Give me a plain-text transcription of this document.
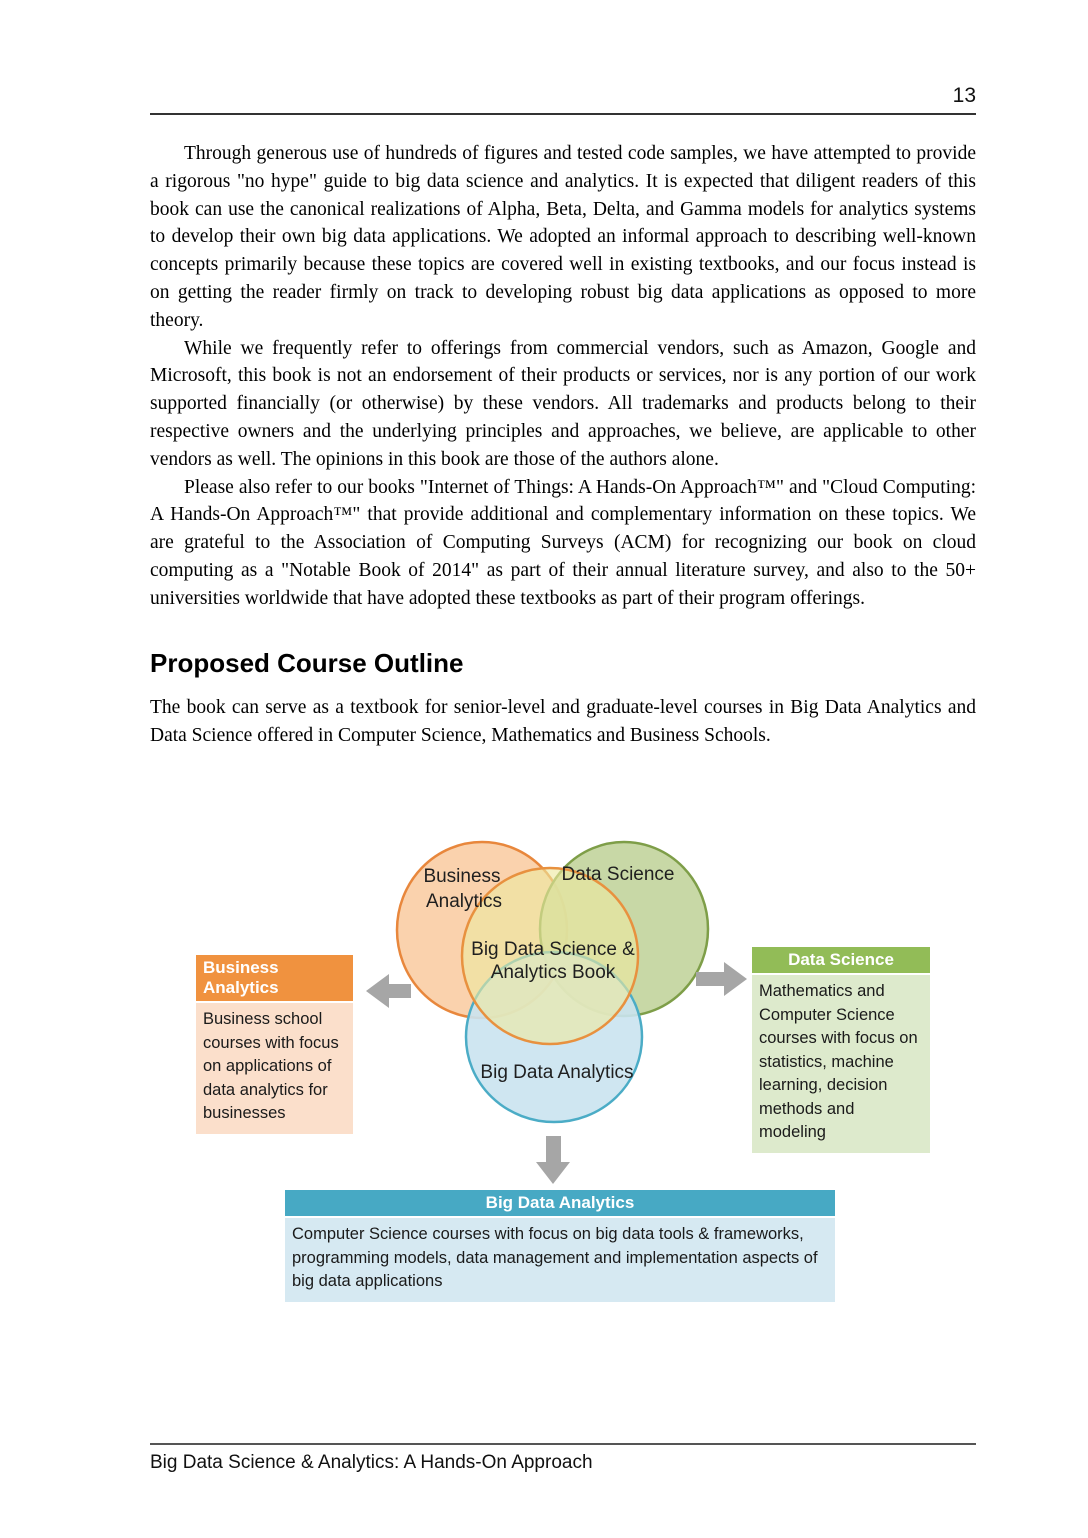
13

Through generous use of hundreds of figures and tested code samples, we have attempted to provide a rigorous "no hype" guide to big data science and analytics. It is expected that diligent readers of this book can use the canonical realizations of Alpha, Beta, Delta, and Gamma models for analytics systems to develop their own big data applications. We adopted an informal approach to describing well-known concepts primarily because these topics are covered well in existing textbooks, and our focus instead is on getting the reader firmly on track to developing robust big data applications as opposed to more theory.

While we frequently refer to offerings from commercial vendors, such as Amazon, Google and Microsoft, this book is not an endorsement of their products or services, nor is any portion of our work supported financially (or otherwise) by these vendors. All trademarks and products belong to their respective owners and the underlying principles and approaches, we believe, are applicable to other vendors as well. The opinions in this book are those of the authors alone.

Please also refer to our books "Internet of Things: A Hands-On Approach™" and "Cloud Computing: A Hands-On Approach™" that provide additional and complementary information on these topics. We are grateful to the Association of Computing Surveys (ACM) for recognizing our book on cloud computing as a "Notable Book of 2014" as part of their annual literature survey, and also to the 50+ universities worldwide that have adopted these textbooks as part of their program offerings.

Proposed Course Outline

The book can serve as a textbook for senior-level and graduate-level courses in Big Data Analytics and Data Science offered in Computer Science, Mathematics and Business Schools.

Business
Analytics
Data Science
Big Data Science &
Analytics Book
Big Data Analytics
Business Analytics
Business school courses with focus on applications of data analytics for businesses
Data Science
Mathematics and Computer Science courses with focus on statistics, machine learning, decision methods and modeling
Big Data Analytics
Computer Science courses with focus on big data tools & frameworks, programming models, data management and implementation aspects of big data applications
Big Data Science & Analytics: A Hands-On Approach
